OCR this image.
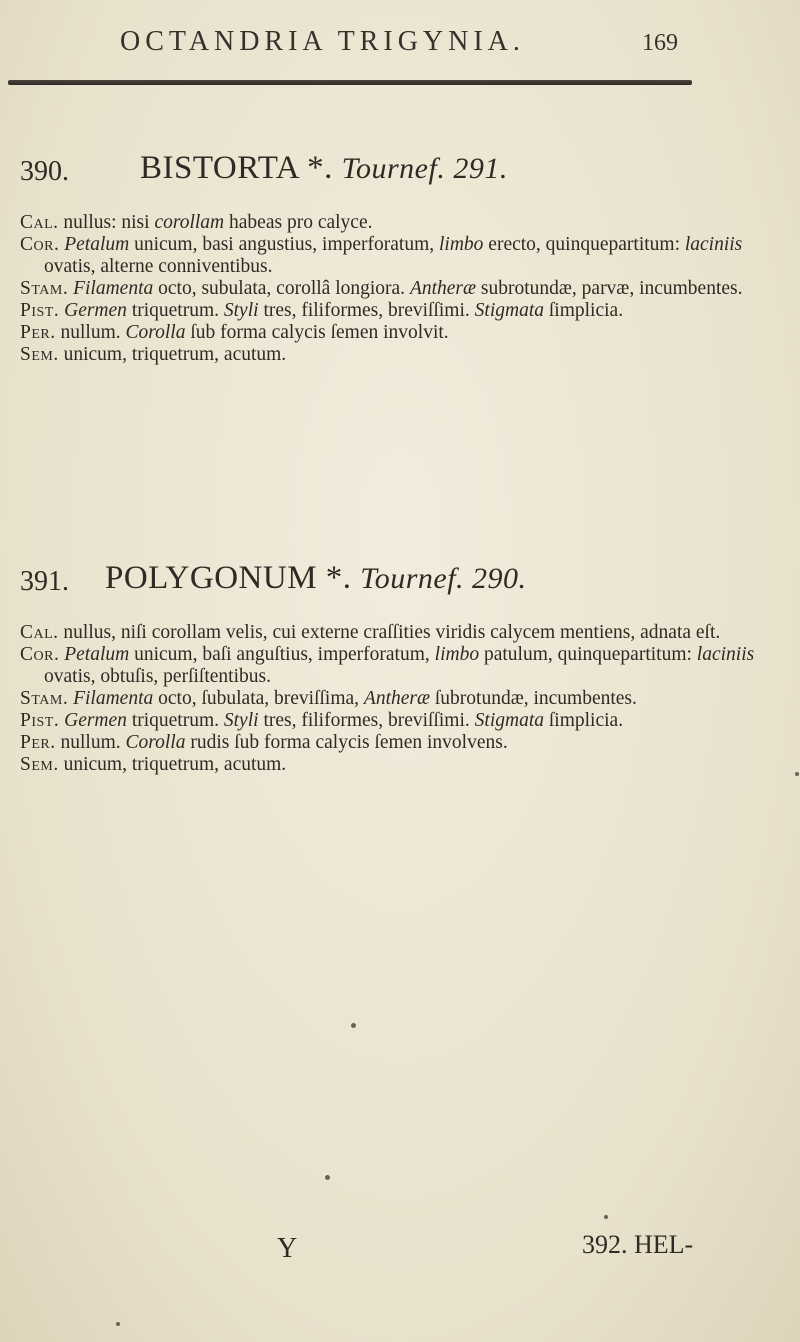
OCTANDRIA TRIGYNIA.	169
390. BISTORTA *. Tournef. 291.

Cal. nullus: nisi corollam habeas pro calyce.

Cor. Petalum unicum, basi angustius, imperforatum, limbo erecto, quinquepartitum: laciniis ovatis, alterne conniventibus.

Stam. Filamenta octo, subulata, corollâ longiora. Antheræ subrotundæ, parvæ, incumbentes.

Pist. Germen triquetrum. Styli tres, filiformes, breviſſimi. Stigmata ſimplicia.

Per. nullum. Corolla ſub forma calycis ſemen involvit.

Sem. unicum, triquetrum, acutum.

391. POLYGONUM *. Tournef. 290.

Cal. nullus, niſi corollam velis, cui externe craſſities viridis calycem mentiens, adnata eſt.

Cor. Petalum unicum, baſi anguſtius, imperforatum, limbo patulum, quinquepartitum: laciniis ovatis, obtuſis, perſiſtentibus.

Stam. Filamenta octo, ſubulata, breviſſima, Antheræ ſubrotundæ, incumbentes.

Pist. Germen triquetrum. Styli tres, filiformes, breviſſimi. Stigmata ſimplicia.

Per. nullum. Corolla rudis ſub forma calycis ſemen involvens.

Sem. unicum, triquetrum, acutum.

Y	392. HEL-
